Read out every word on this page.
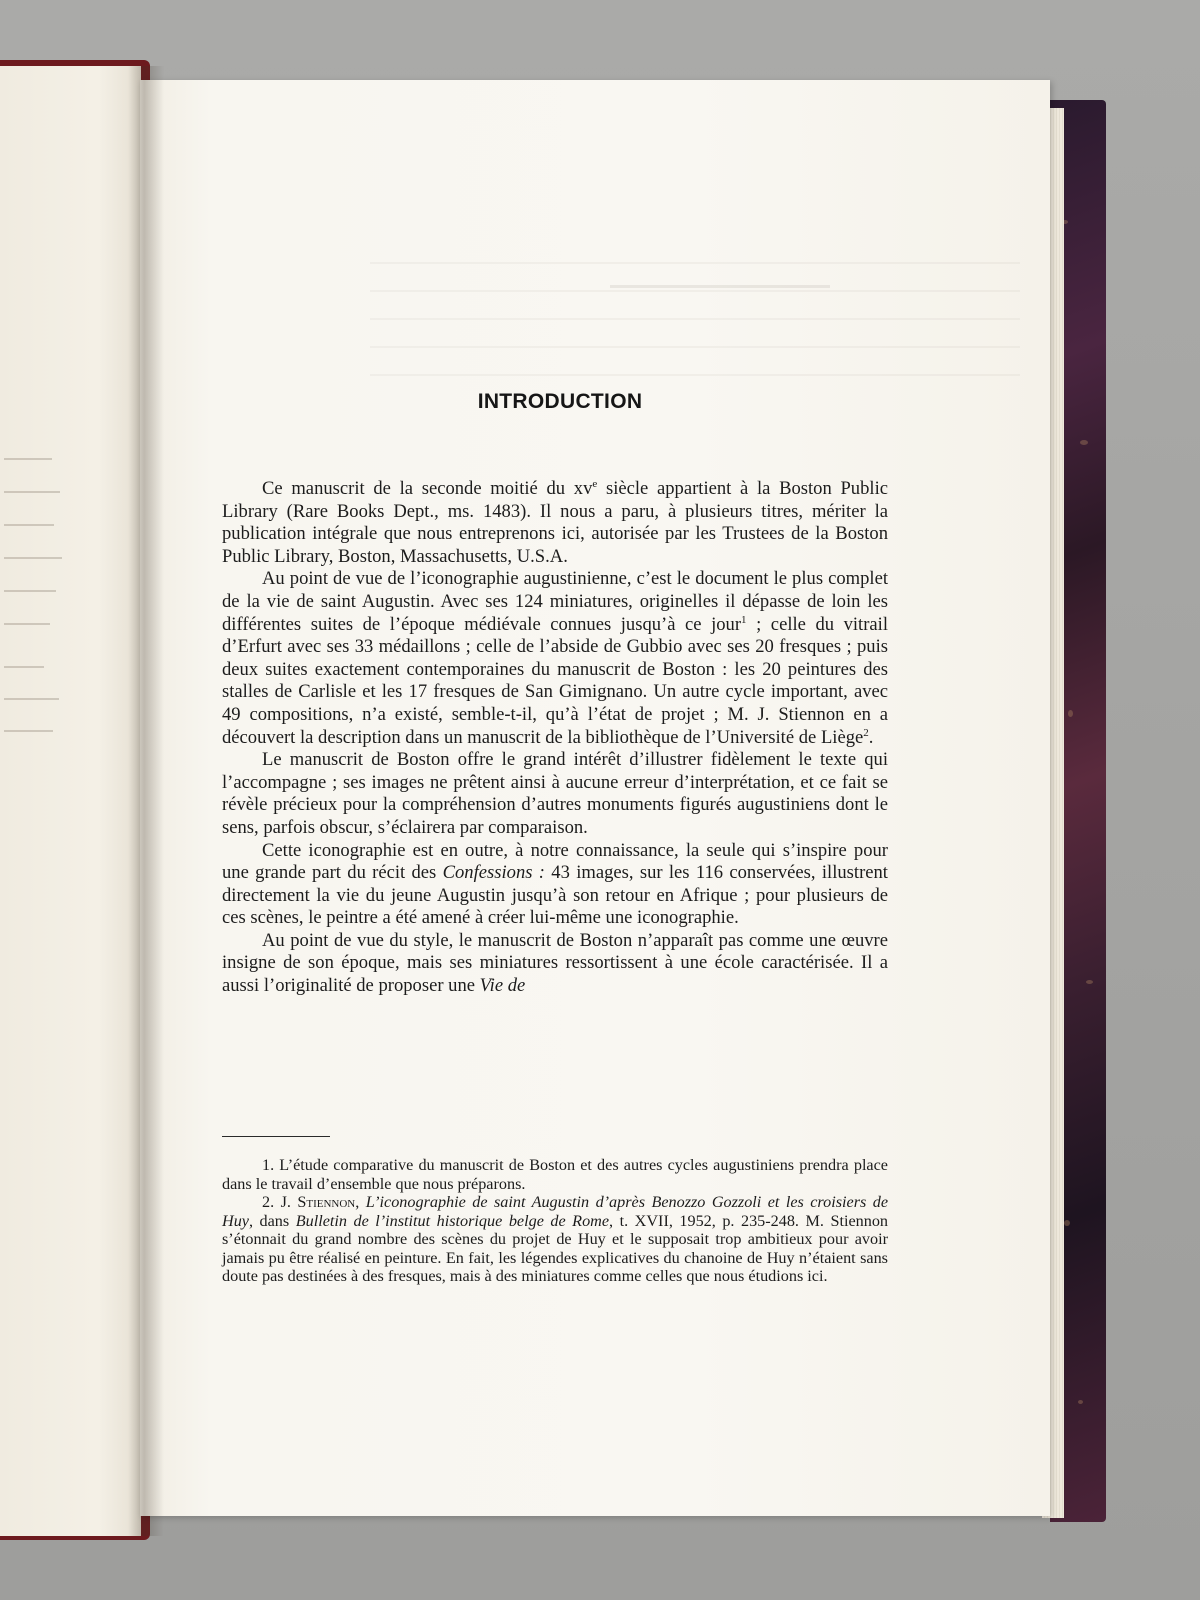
INTRODUCTION

Ce manuscrit de la seconde moitié du $xv^e$ siècle appartient à la Boston Public Library (Rare Books Dept., ms. 1483). Il nous a paru, à plusieurs titres, mériter la publication intégrale que nous entreprenons ici, autorisée par les Trustees de la Boston Public Library, Boston, Massachusetts, U.S.A.

Au point de vue de l’iconographie augustinienne, c’est le document le plus complet de la vie de saint Augustin. Avec ses 124 miniatures, originelles il dépasse de loin les différentes suites de l’époque médiévale connues jusqu’à ce jour$^1$ ; celle du vitrail d’Erfurt avec ses 33 médaillons ; celle de l’abside de Gubbio avec ses 20 fresques ; puis deux suites exactement contemporaines du manuscrit de Boston : les 20 peintures des stalles de Carlisle et les 17 fresques de San Gimignano. Un autre cycle important, avec 49 compositions, n’a existé, semble-t-il, qu’à l’état de projet ; M. J. Stiennon en a découvert la description dans un manuscrit de la bibliothèque de l’Université de Liège$^2$.

Le manuscrit de Boston offre le grand intérêt d’illustrer fidèlement le texte qui l’accompagne ; ses images ne prêtent ainsi à aucune erreur d’interprétation, et ce fait se révèle précieux pour la compréhension d’autres monuments figurés augustiniens dont le sens, parfois obscur, s’éclairera par comparaison.

Cette iconographie est en outre, à notre connaissance, la seule qui s’inspire pour une grande part du récit des Confessions : 43 images, sur les 116 conservées, illustrent directement la vie du jeune Augustin jusqu’à son retour en Afrique ; pour plusieurs de ces scènes, le peintre a été amené à créer lui-même une iconographie.

Au point de vue du style, le manuscrit de Boston n’apparaît pas comme une œuvre insigne de son époque, mais ses miniatures ressortissent à une école caractérisée. Il a aussi l’originalité de proposer une Vie de

1. L’étude comparative du manuscrit de Boston et des autres cycles augustiniens prendra place dans le travail d’ensemble que nous préparons.

2. J. Stiennon, L’iconographie de saint Augustin d’après Benozzo Gozzoli et les croisiers de Huy, dans Bulletin de l’institut historique belge de Rome, t. XVII, 1952, p. 235-248. M. Stiennon s’étonnait du grand nombre des scènes du projet de Huy et le supposait trop ambitieux pour avoir jamais pu être réalisé en peinture. En fait, les légendes explicatives du chanoine de Huy n’étaient sans doute pas destinées à des fresques, mais à des miniatures comme celles que nous étudions ici.
